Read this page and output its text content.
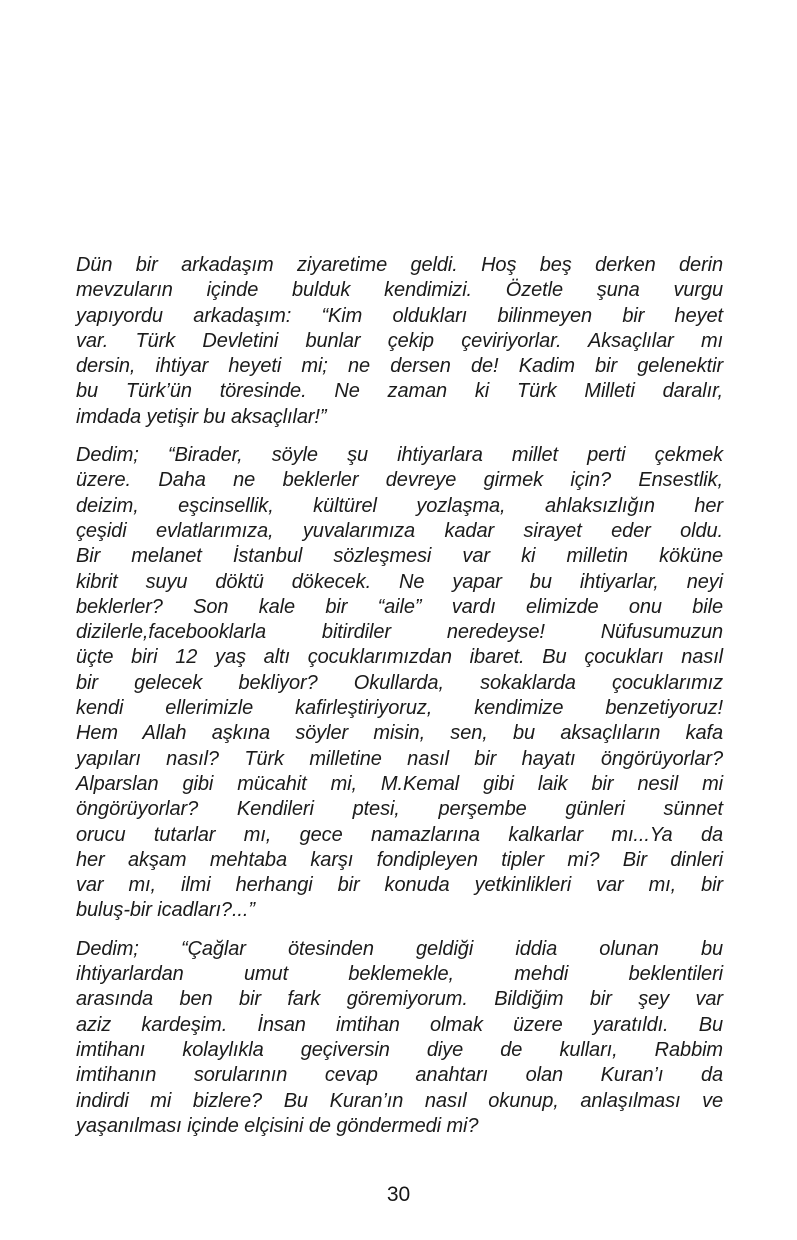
Dün bir arkadaşım ziyaretime geldi. Hoş beş derken derin
mevzuların içinde bulduk kendimizi. Özetle şuna vurgu
yapıyordu arkadaşım: “Kim oldukları bilinmeyen bir heyet
var. Türk Devletini bunlar çekip çeviriyorlar. Aksaçlılar mı
dersin, ihtiyar heyeti mi; ne dersen de! Kadim bir gelenektir
bu Türk’ün töresinde. Ne zaman ki Türk Milleti daralır,
imdada yetişir bu aksaçlılar!”
Dedim; “Birader, söyle şu ihtiyarlara millet perti çekmek
üzere. Daha ne beklerler devreye girmek için? Ensestlik,
deizim, eşcinsellik, kültürel yozlaşma, ahlaksızlığın her
çeşidi evlatlarımıza, yuvalarımıza kadar sirayet eder oldu.
Bir melanet İstanbul sözleşmesi var ki milletin köküne
kibrit suyu döktü dökecek. Ne yapar bu ihtiyarlar, neyi
beklerler? Son kale bir “aile” vardı elimizde onu bile
dizilerle,facebooklarla bitirdiler neredeyse! Nüfusumuzun
üçte biri 12 yaş altı çocuklarımızdan ibaret. Bu çocukları nasıl
bir gelecek bekliyor? Okullarda, sokaklarda çocuklarımız
kendi ellerimizle kafirleştiriyoruz, kendimize benzetiyoruz!
Hem Allah aşkına söyler misin, sen, bu aksaçlıların kafa
yapıları nasıl? Türk milletine nasıl bir hayatı öngörüyorlar?
Alparslan gibi mücahit mi, M.Kemal gibi laik bir nesil mi
öngörüyorlar? Kendileri ptesi, perşembe günleri sünnet
orucu tutarlar mı, gece namazlarına kalkarlar mı...Ya da
her akşam mehtaba karşı fondipleyen tipler mi? Bir dinleri
var mı, ilmi herhangi bir konuda yetkinlikleri var mı, bir
buluş-bir icadları?...”
Dedim; “Çağlar ötesinden geldiği iddia olunan bu
ihtiyarlardan umut beklemekle, mehdi beklentileri
arasında ben bir fark göremiyorum. Bildiğim bir şey var
aziz kardeşim. İnsan imtihan olmak üzere yaratıldı. Bu
imtihanı kolaylıkla geçiversin diye de kulları, Rabbim
imtihanın sorularının cevap anahtarı olan Kuran’ı da
indirdi mi bizlere? Bu Kuran’ın nasıl okunup, anlaşılması ve
yaşanılması içinde elçisini de göndermedi mi?
30
